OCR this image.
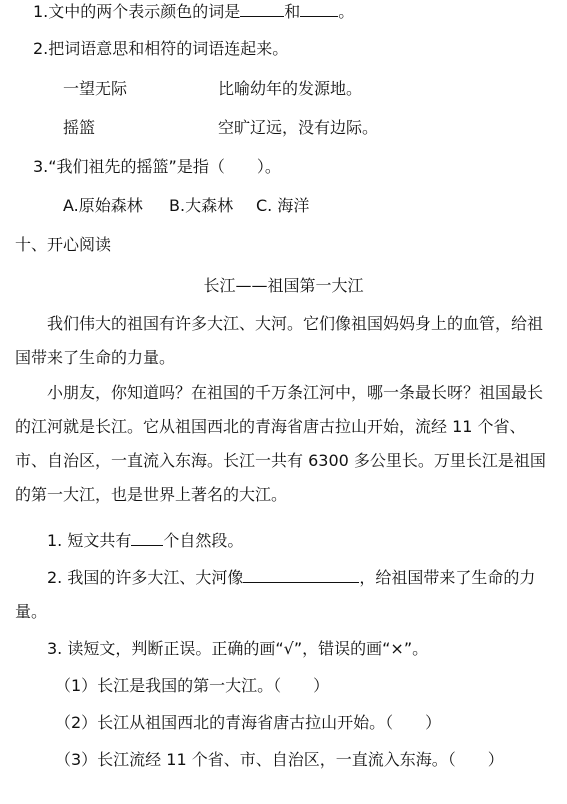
1.文中的两个表示颜色的词是	和 。
2.把词语意思和相符的词语连起来。
一望无际	比喻幼年的发源地。
摇篮	空旷辽远，没有边际。
3.“我们祖先的摇篮”是指（　　）。
A.原始森林 B.大森林 C. 海洋
十、开心阅读
长江——祖国第一大江
我们伟大的祖国有许多大江、大河。它们像祖国妈妈身上的血管，给祖国带来了生命的力量。
小朋友，你知道吗？在祖国的千万条江河中，哪一条最长呀？祖国最长的江河就是长江。它从祖国西北的青海省唐古拉山开始，流经 11 个省、市、自治区，一直流入东海。长江一共有 6300 多公里长。万里长江是祖国的第一大江，也是世界上著名的大江。
1. 短文共有 个自然段。
2. 我国的许多大江、大河像	，给祖国带来了生命的力
量。
3. 读短文，判断正误。正确的画“√”，错误的画“×”。
（1）长江是我国的第一大江。（　　）
（2）长江从祖国西北的青海省唐古拉山开始。（　　）
（3）长江流经 11 个省、市、自治区，一直流入东海。（　　）
